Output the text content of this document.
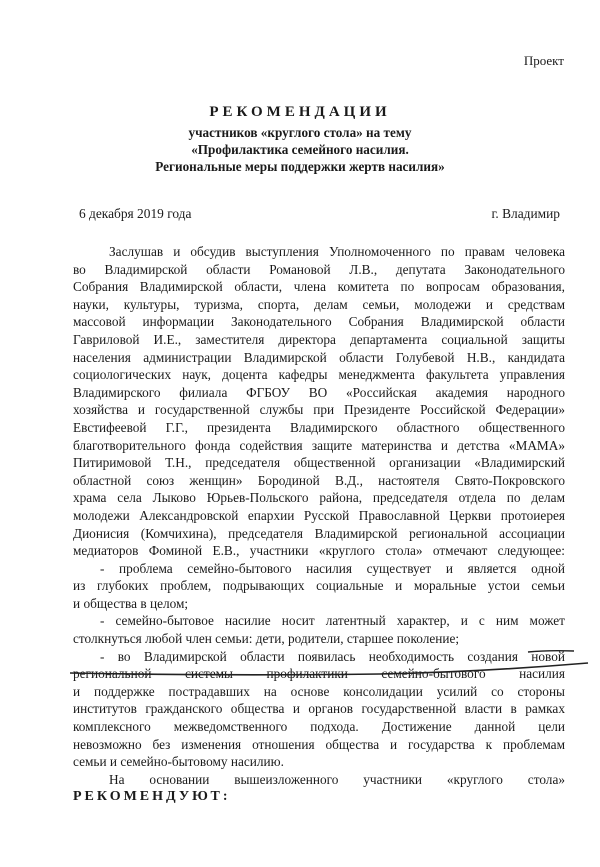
Проект
РЕКОМЕНДАЦИИ
участников «круглого стола» на тему
«Профилактика семейного насилия.
Региональные меры поддержки жертв насилия»
6 декабря 2019 года	г. Владимир
Заслушав и обсудив выступления Уполномоченного по правам человека
во Владимирской области Романовой Л.В., депутата Законодательного
Собрания Владимирской области, члена комитета по вопросам образования,
науки, культуры, туризма, спорта, делам семьи, молодежи и средствам
массовой информации Законодательного Собрания Владимирской области
Гавриловой И.Е., заместителя директора департамента социальной защиты
населения администрации Владимирской области Голубевой Н.В., кандидата
социологических наук, доцента кафедры менеджмента факультета управления
Владимирского филиала ФГБОУ ВО «Российская академия народного
хозяйства и государственной службы при Президенте Российской Федерации»
Евстифеевой Г.Г., президента Владимирского областного общественного
благотворительного фонда содействия защите материнства и детства «МАМА»
Питиримовой Т.Н., председателя общественной организации «Владимирский
областной союз женщин» Бородиной В.Д., настоятеля Свято-Покровского
храма села Лыково Юрьев-Польского района, председателя отдела по делам
молодежи Александровской епархии Русской Православной Церкви протоиерея
Дионисия (Комчихина), председателя Владимирской региональной ассоциации
медиаторов Фоминой Е.В., участники «круглого стола» отмечают следующее:
- проблема семейно-бытового насилия существует и является одной
из глубоких проблем, подрывающих социальные и моральные устои семьи
и общества в целом;
- семейно-бытовое насилие носит латентный характер, и с ним может
столкнуться любой член семьи: дети, родители, старшее поколение;
- во Владимирской области появилась необходимость создания новой
региональной системы профилактики семейно-бытового насилия
и поддержке пострадавших на основе консолидации усилий со стороны
институтов гражданского общества и органов государственной власти в рамках
комплексного межведомственного подхода. Достижение данной цели
невозможно без изменения отношения общества и государства к проблемам
семьи и семейно-бытовому насилию.
На основании вышеизложенного участники «круглого стола»
РЕКОМЕНДУЮТ:
